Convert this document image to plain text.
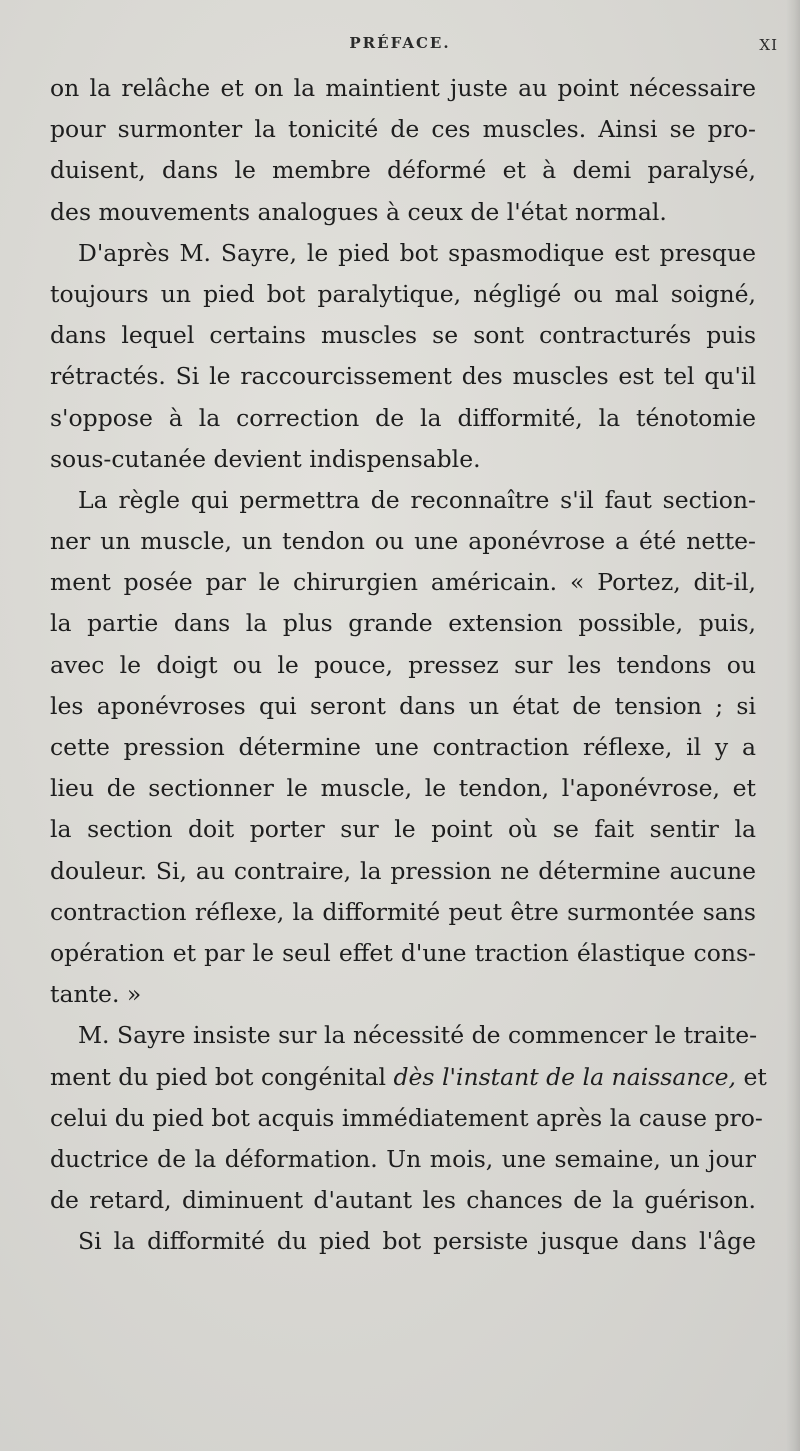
PRÉFACE.	XI
on la relâche et on la maintient juste au point nécessaire
pour surmonter la tonicité de ces muscles. Ainsi se pro-
duisent, dans le membre déformé et à demi paralysé,
des mouvements analogues à ceux de l'état normal.
D'après M. Sayre, le pied bot spasmodique est presque
toujours un pied bot paralytique, négligé ou mal soigné,
dans lequel certains muscles se sont contracturés puis
rétractés. Si le raccourcissement des muscles est tel qu'il
s'oppose à la correction de la difformité, la ténotomie
sous-cutanée devient indispensable.
La règle qui permettra de reconnaître s'il faut section-
ner un muscle, un tendon ou une aponévrose a été nette-
ment posée par le chirurgien américain. « Portez, dit-il,
la partie dans la plus grande extension possible, puis,
avec le doigt ou le pouce, pressez sur les tendons ou
les aponévroses qui seront dans un état de tension ; si
cette pression détermine une contraction réflexe, il y a
lieu de sectionner le muscle, le tendon, l'aponévrose, et
la section doit porter sur le point où se fait sentir la
douleur. Si, au contraire, la pression ne détermine aucune
contraction réflexe, la difformité peut être surmontée sans
opération et par le seul effet d'une traction élastique cons-
tante. »
M. Sayre insiste sur la nécessité de commencer le traite-
ment du pied bot congénital dès l'instant de la naissance, et
celui du pied bot acquis immédiatement après la cause pro-
ductrice de la déformation. Un mois, une semaine, un jour
de retard, diminuent d'autant les chances de la guérison.
Si la difformité du pied bot persiste jusque dans l'âge
